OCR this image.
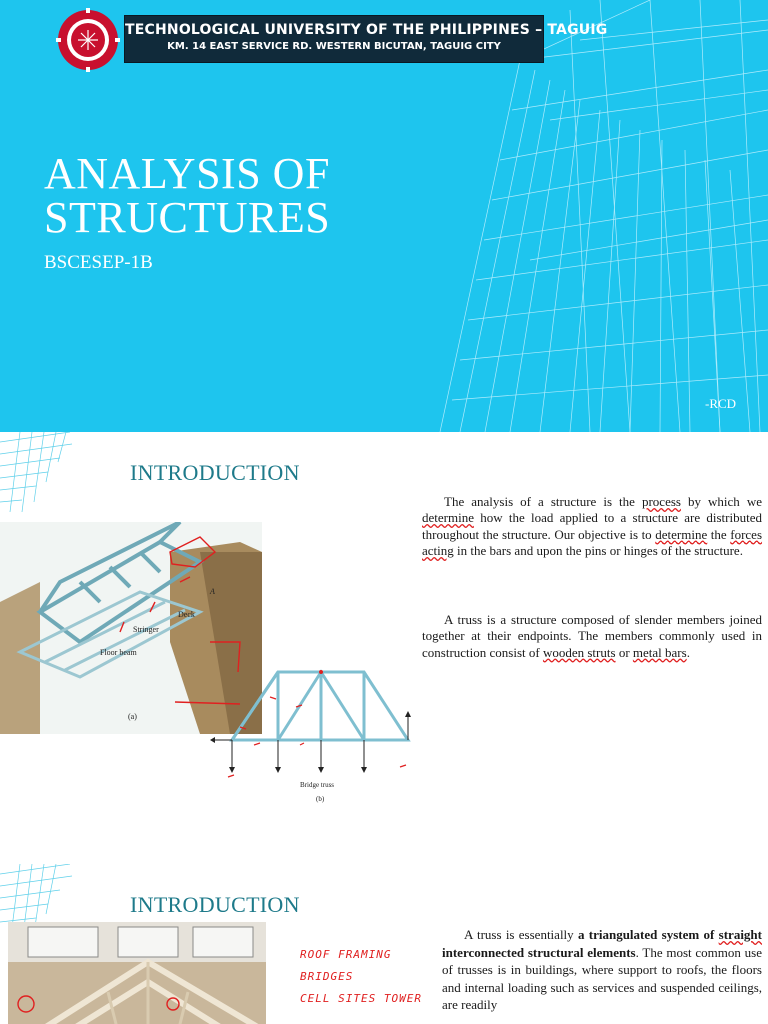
TECHNOLOGICAL UNIVERSITY OF THE PHILIPPINES – TAGUIG
KM. 14 EAST SERVICE RD. WESTERN BICUTAN, TAGUIG CITY
ANALYSIS OF
STRUCTURES
BSCESEP-1B
-RCD
INTRODUCTION

The analysis of a structure is the process by which we determine how the load applied to a structure are distributed throughout the structure. Our objective is to determine the forces acting in the bars and upon the pins or hinges of the structure.

A truss is a structure composed of slender members joined together at their endpoints. The members commonly used in construction consist of wooden struts or metal bars.

Deck
Stringer
Floor beam
A
(a)
Bridge truss
(b)
INTRODUCTION
ROOF FRAMING
BRIDGES
CELL SITES TOWER

A truss is essentially a triangulated system of straight interconnected structural elements. The most common use of trusses is in buildings, where support to roofs, the floors and internal loading such as services and suspended ceilings, are readily
